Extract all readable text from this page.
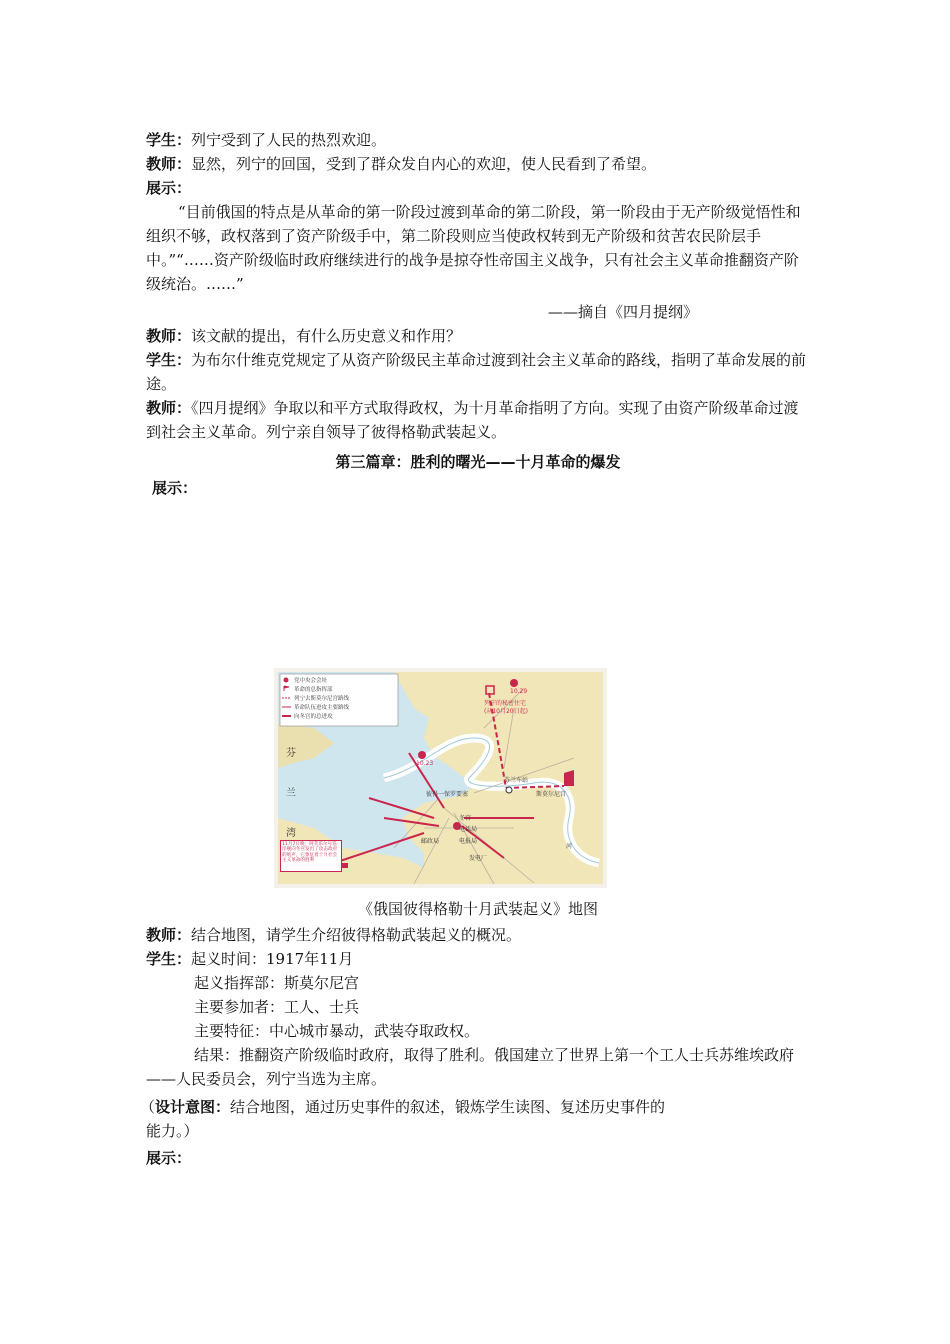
学生：列宁受到了人民的热烈欢迎。
教师：显然，列宁的回国，受到了群众发自内心的欢迎，使人民看到了希望。
展示：
“目前俄国的特点是从革命的第一阶段过渡到革命的第二阶段，第一阶段由于无产阶级觉悟性和组织不够，政权落到了资产阶级手中，第二阶段则应当使政权转到无产阶级和贫苦农民阶层手中。”“……资产阶级临时政府继续进行的战争是掠夺性帝国主义战争，只有社会主义革命推翻资产阶级统治。……”
——摘自《四月提纲》
教师：该文献的提出，有什么历史意义和作用？
学生：为布尔什维克党规定了从资产阶级民主革命过渡到社会主义革命的路线，指明了革命发展的前途。
教师：《四月提纲》争取以和平方式取得政权，为十月革命指明了方向。实现了由资产阶级革命过渡到社会主义革命。列宁亲自领导了彼得格勒武装起义。
第三篇章：胜利的曙光——十月革命的爆发
展示：
党中央会会址
革命的总指挥部
列宁去斯莫尔尼宫路线
革命队伍进攻主要路线
向冬宫的总进攻
芬
兰
湾
10.29
列宁的秘密住宅
(从10月20日起)
10.23
芬兰车站
彼得一保罗要塞	斯莫尔尼宫
冬宫
电话局
邮政局	电报局
发电厂
河
11月7日晚，阿芙乐尔号巡洋舰向冬宫发出了攻击政府的炮声，它象征着十月社会主义革命的胜利
《俄国彼得格勒十月武装起义》地图
教师：结合地图，请学生介绍彼得格勒武装起义的概况。
学生：起义时间：1917年11月
起义指挥部：斯莫尔尼宫
主要参加者：工人、士兵
主要特征：中心城市暴动，武装夺取政权。
结果：推翻资产阶级临时政府，取得了胜利。俄国建立了世界上第一个工人士兵苏维埃政府——人民委员会，列宁当选为主席。
（设计意图：结合地图，通过历史事件的叙述，锻炼学生读图、复述历史事件的
能力。）
展示：
